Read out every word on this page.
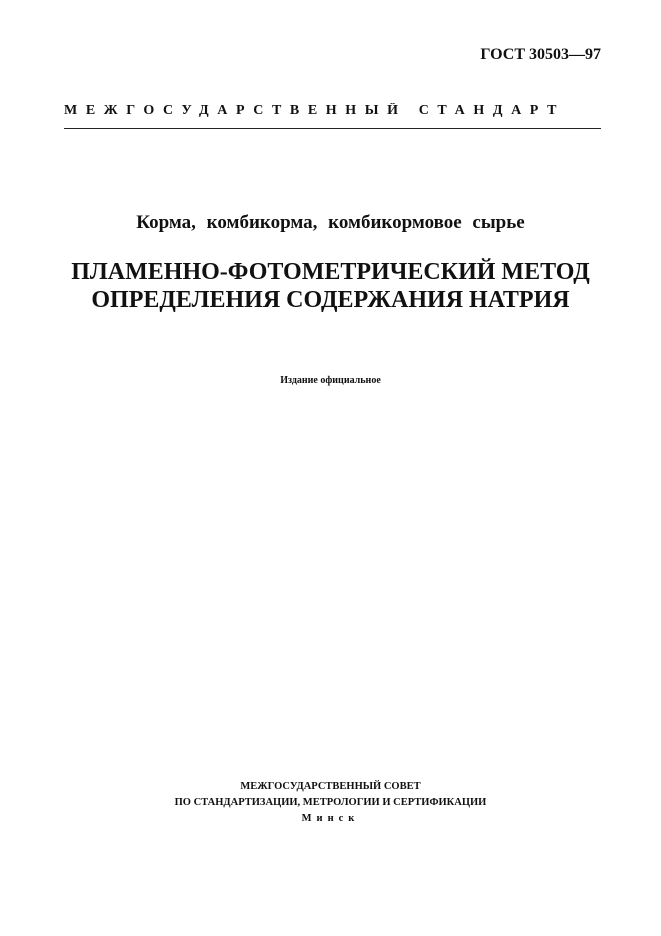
ГОСТ 30503—97
МЕЖГОСУДАРСТВЕННЫЙ СТАНДАРТ
Корма, комбикорма, комбикормовое сырье
ПЛАМЕННО-ФОТОМЕТРИЧЕСКИЙ МЕТОД
ОПРЕДЕЛЕНИЯ СОДЕРЖАНИЯ НАТРИЯ
Издание официальное
МЕЖГОСУДАРСТВЕННЫЙ СОВЕТ
ПО СТАНДАРТИЗАЦИИ, МЕТРОЛОГИИ И СЕРТИФИКАЦИИ
Минск
